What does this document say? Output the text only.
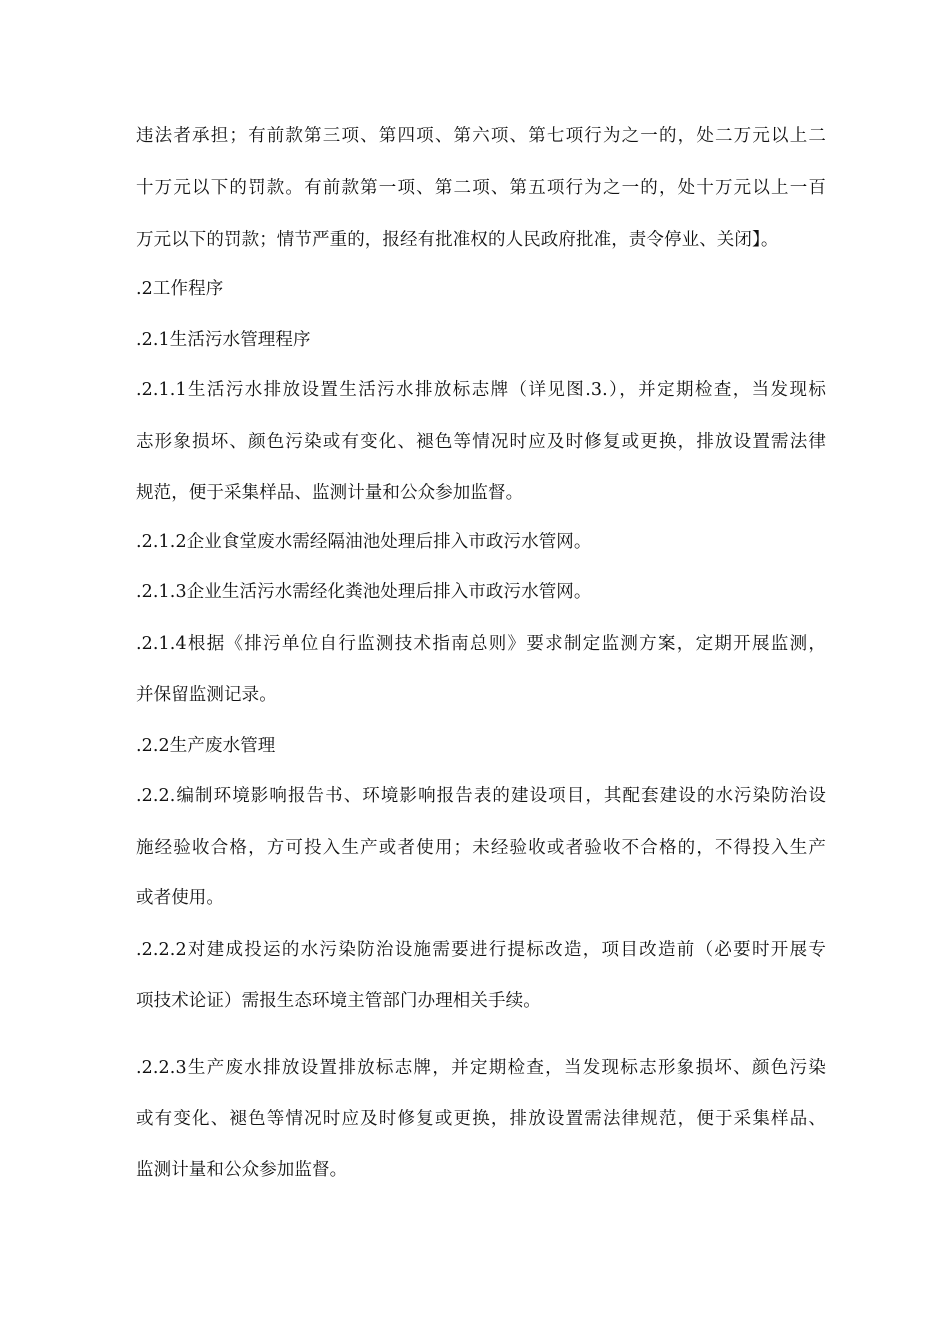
违法者承担；有前款第三项、第四项、第六项、第七项行为之一的，处二万元以上二
十万元以下的罚款。有前款第一项、第二项、第五项行为之一的，处十万元以上一百
万元以下的罚款；情节严重的，报经有批准权的人民政府批准，责令停业、关闭】。
.2工作程序
.2.1生活污水管理程序
.2.1.1生活污水排放设置生活污水排放标志牌（详见图.3.），并定期检查，当发现标
志形象损坏、颜色污染或有变化、褪色等情况时应及时修复或更换，排放设置需法律
规范，便于采集样品、监测计量和公众参加监督。
.2.1.2企业食堂废水需经隔油池处理后排入市政污水管网。
.2.1.3企业生活污水需经化粪池处理后排入市政污水管网。
.2.1.4根据《排污单位自行监测技术指南总则》要求制定监测方案，定期开展监测，
并保留监测记录。
.2.2生产废水管理
.2.2.编制环境影响报告书、环境影响报告表的建设项目，其配套建设的水污染防治设
施经验收合格，方可投入生产或者使用；未经验收或者验收不合格的，不得投入生产
或者使用。
.2.2.2对建成投运的水污染防治设施需要进行提标改造，项目改造前（必要时开展专
项技术论证）需报生态环境主管部门办理相关手续。
.2.2.3生产废水排放设置排放标志牌，并定期检查，当发现标志形象损坏、颜色污染
或有变化、褪色等情况时应及时修复或更换，排放设置需法律规范，便于采集样品、
监测计量和公众参加监督。
